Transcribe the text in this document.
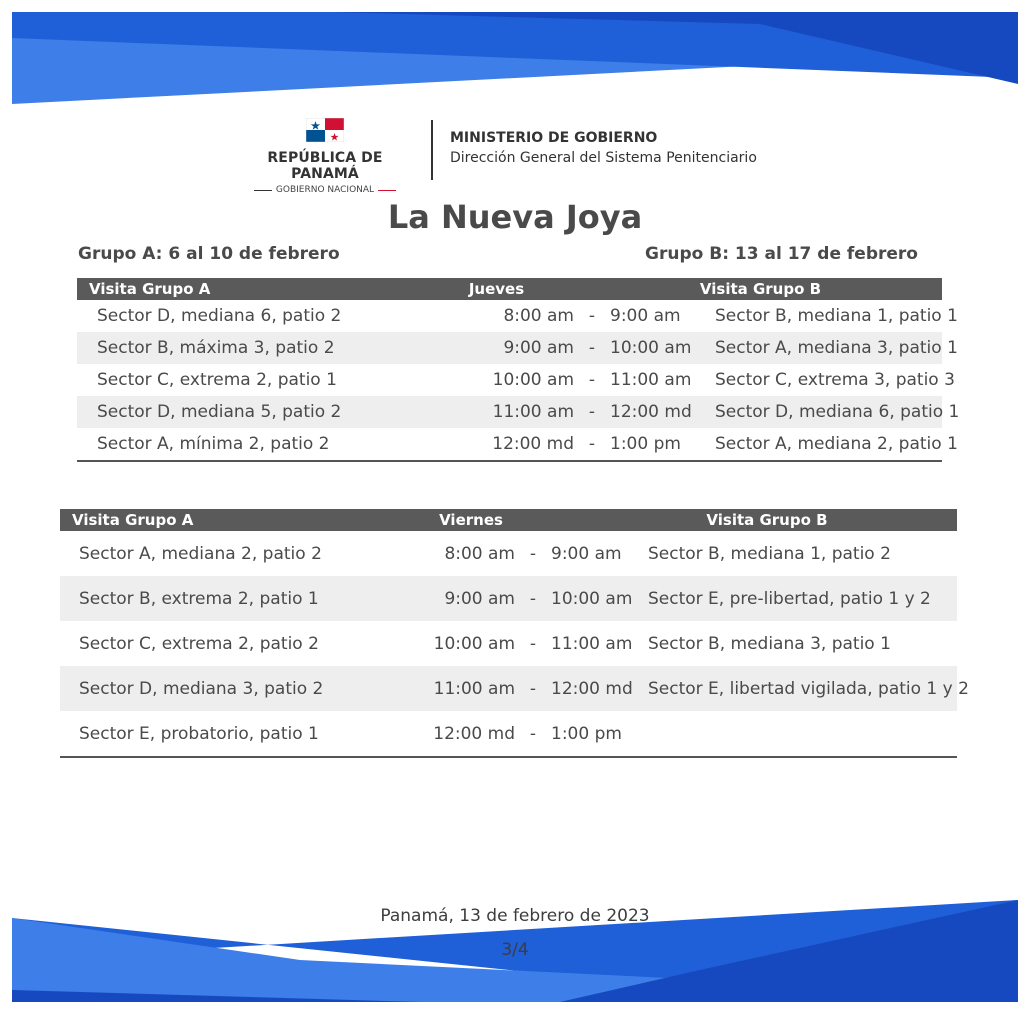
REPÚBLICA DE PANAMÁ
GOBIERNO NACIONAL
MINISTERIO DE GOBIERNO
Dirección General del Sistema Penitenciario
La Nueva Joya
Grupo A: 6 al 10 de febrero	Grupo B: 13 al 17 de febrero
Visita Grupo A	Jueves	Visita Grupo B
Sector D, mediana 6, patio 2	8:00 am - 9:00 am	Sector B, mediana 1, patio 1
Sector B, máxima 3, patio 2	9:00 am - 10:00 am	Sector A, mediana 3, patio 1
Sector C, extrema 2, patio 1	10:00 am - 11:00 am	Sector C, extrema 3, patio 3
Sector D, mediana 5, patio 2	11:00 am - 12:00 md	Sector D, mediana 6, patio 1
Sector A, mínima 2, patio 2	12:00 md - 1:00 pm	Sector A, mediana 2, patio 1
Visita Grupo A	Viernes	Visita Grupo B
Sector A, mediana 2, patio 2	8:00 am - 9:00 am	Sector B, mediana 1, patio 2
Sector B, extrema 2, patio 1	9:00 am - 10:00 am Sector E, pre-libertad, patio 1 y 2
Sector C, extrema 2, patio 2	10:00 am - 11:00 am Sector B, mediana 3, patio 1
Sector D, mediana 3, patio 2	11:00 am - 12:00 md Sector E, libertad vigilada, patio 1 y 2
Sector E, probatorio, patio 1	12:00 md - 1:00 pm
Panamá, 13 de febrero de 2023
3/4
